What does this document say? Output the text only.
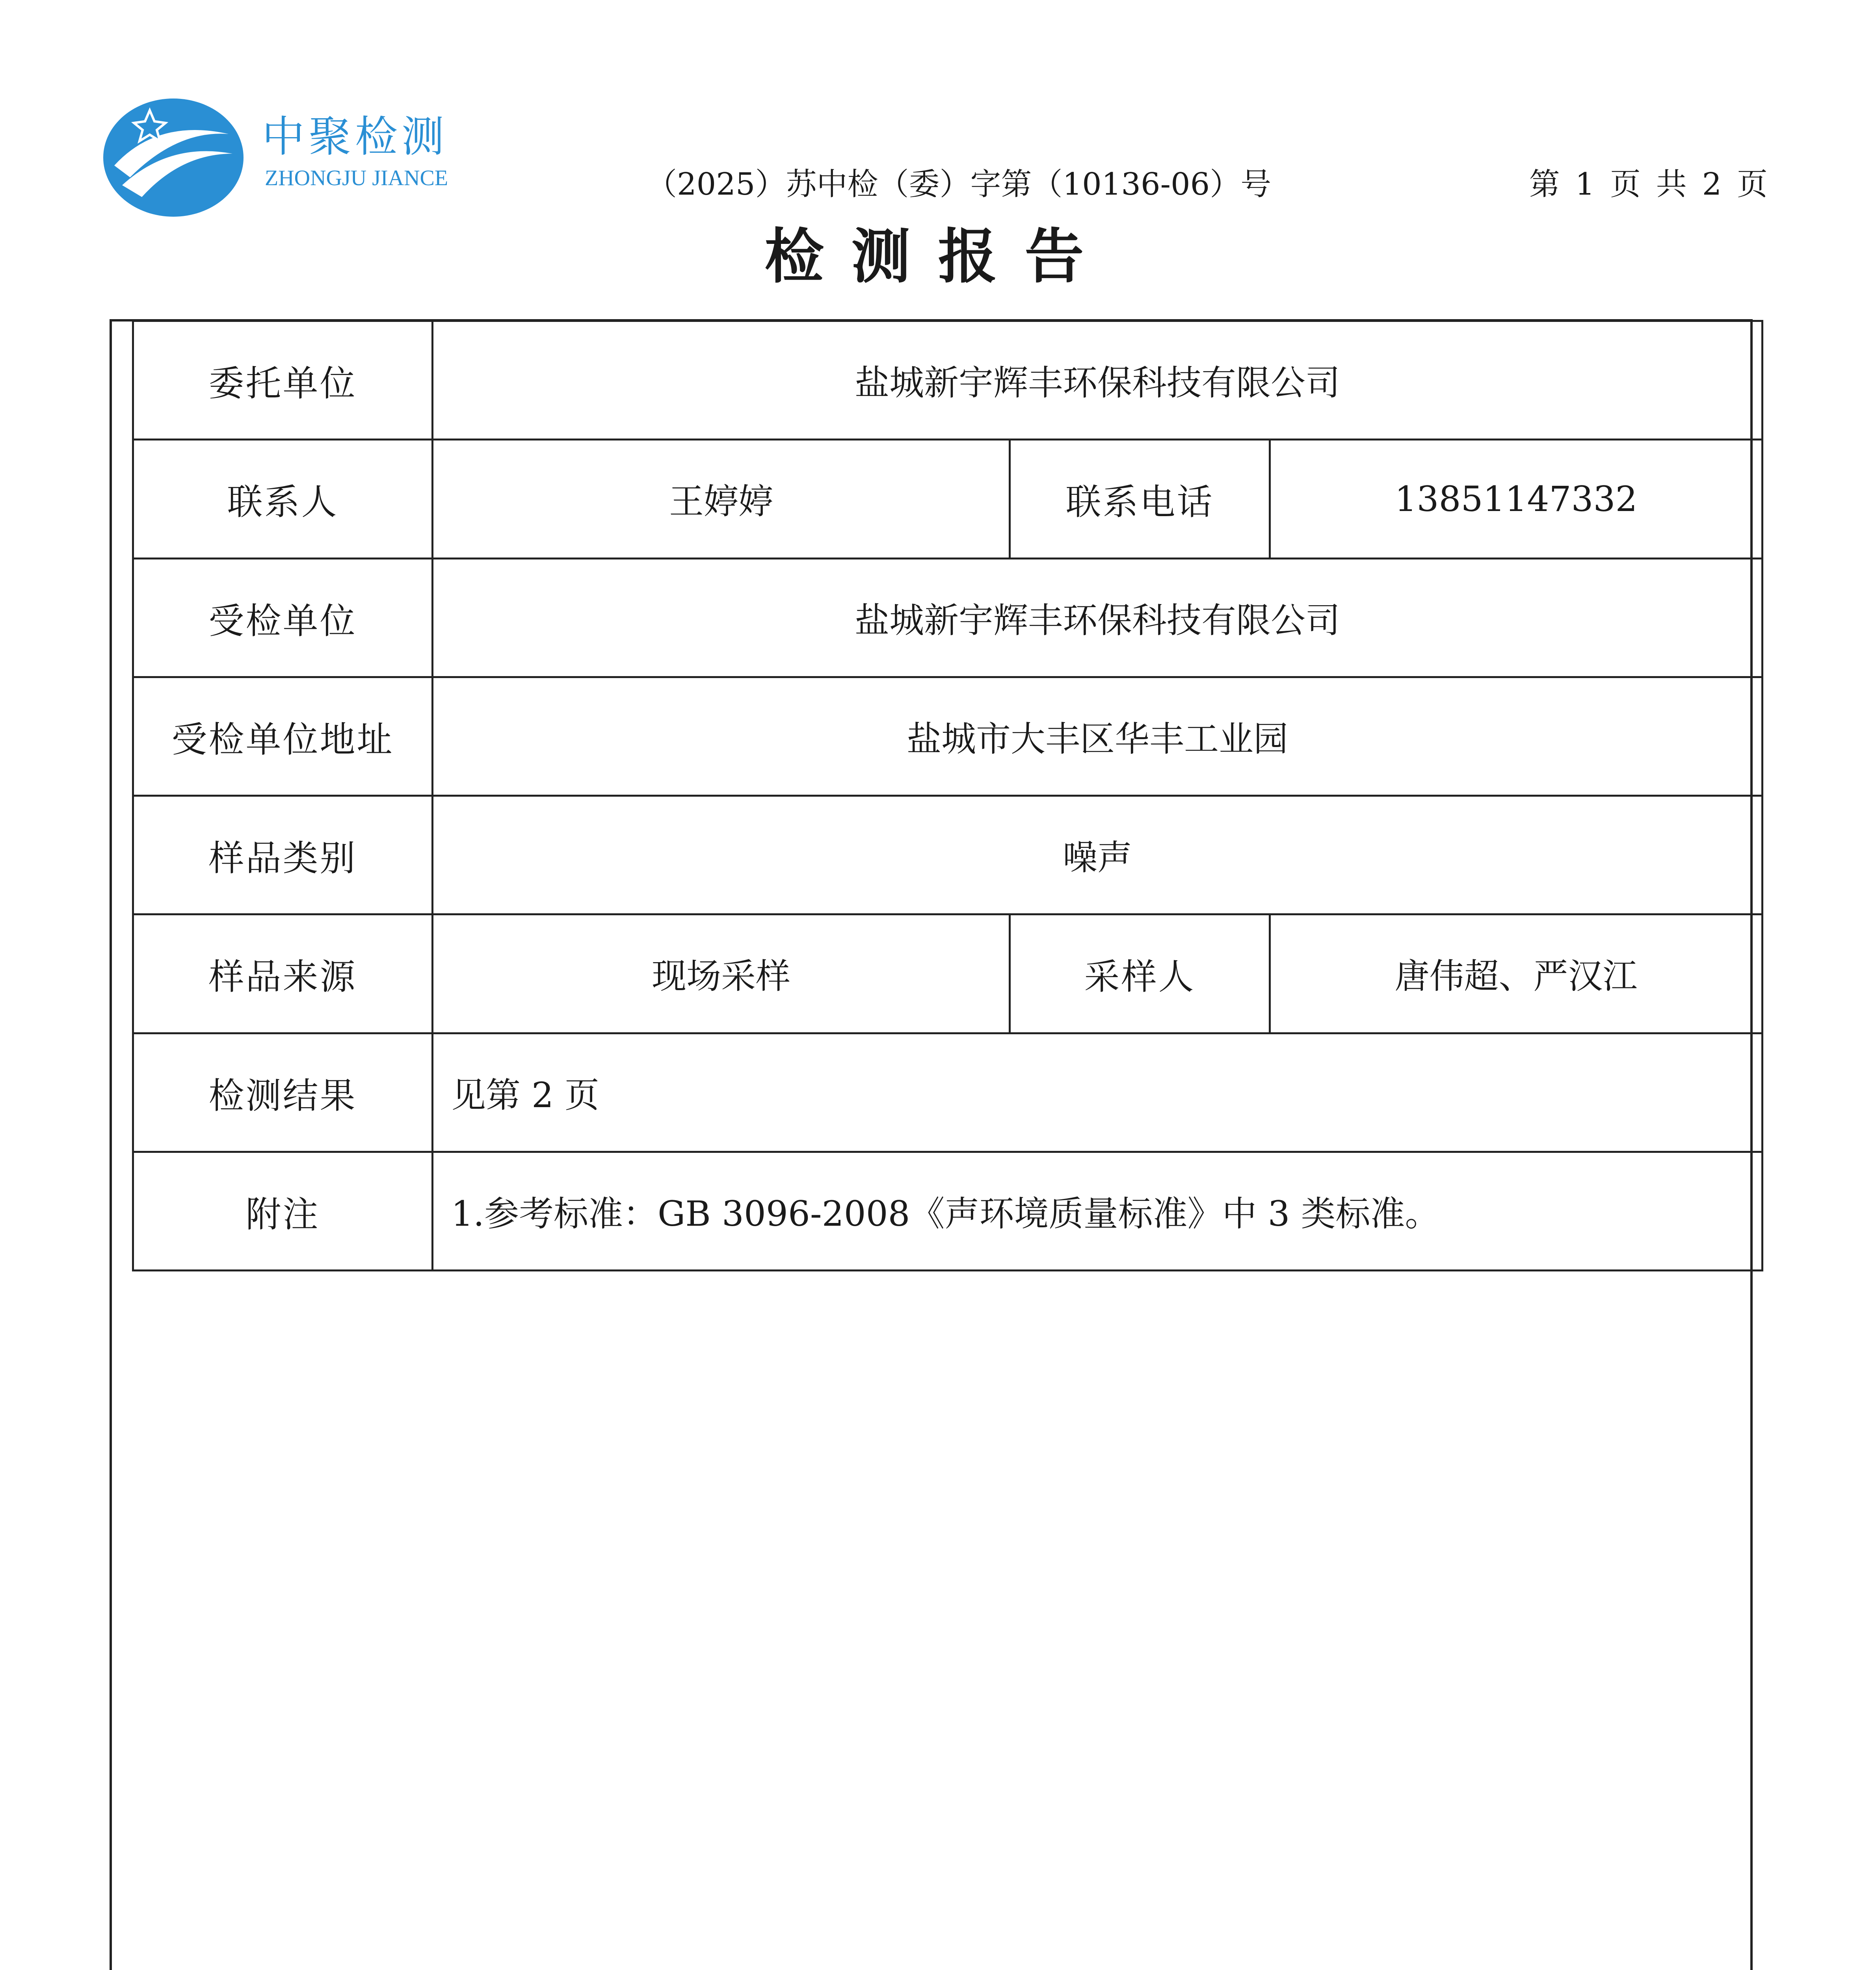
中聚检测
ZHONGJU JIANCE	（2025）苏中检（委）字第（10136-06）号	第 1 页 共 2 页
检测报告
委托单位	盐城新宇辉丰环保科技有限公司		
联系人	王婷婷	联系电话	13851147332
受检单位	盐城新宇辉丰环保科技有限公司		
受检单位地址	盐城市大丰区华丰工业园		
样品类别	噪声		
样品来源	现场采样	采样人	唐伟超、严汉江
检测结果	见第 2 页		
附注	1.参考标准：GB 3096-2008《声环境质量标准》中 3 类标准。		
